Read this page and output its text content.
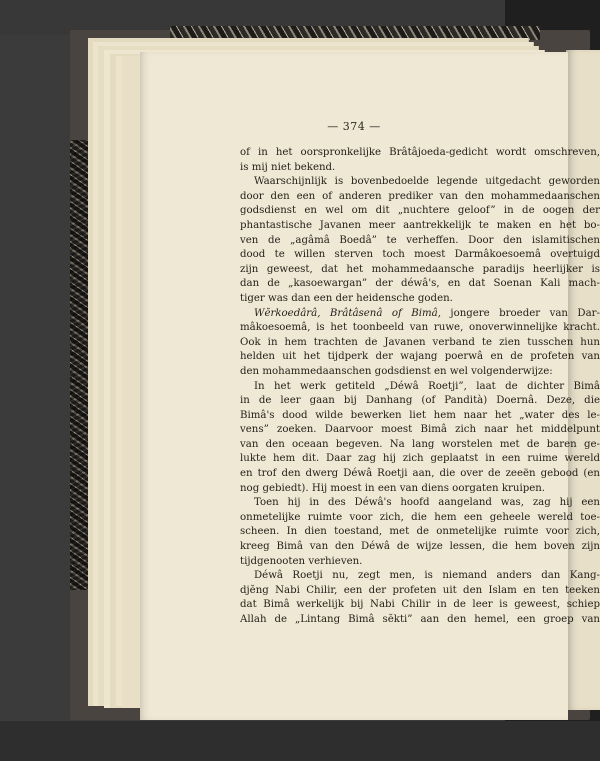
— 374 —
of in het oorspronkelijke Brâtâjoeda-gedicht wordt omschreven,
is mij niet bekend.
Waarschijnlijk is bovenbedoelde legende uitgedacht geworden
door den een of anderen prediker van den mohammedaanschen
godsdienst en wel om dit „nuchtere geloof” in de oogen der
phantastische Javanen meer aantrekkelijk te maken en het bo-
ven de „agâmâ Boedâ” te verheffen. Door den islamitischen
dood te willen sterven toch moest Darmâkoesoemâ overtuigd
zijn geweest, dat het mohammedaansche paradijs heerlijker is
dan de „kasoewargan” der déwâ's, en dat Soenan Kali mach-
tiger was dan een der heidensche goden.
Wĕrkoedârâ, Brâtâsenâ of Bimâ, jongere broeder van Dar-
mâkoesoemâ, is het toonbeeld van ruwe, onoverwinnelijke kracht.
Ook in hem trachten de Javanen verband te zien tusschen hun
helden uit het tijdperk der wajang poerwâ en de profeten van
den mohammedaanschen godsdienst en wel volgenderwijze:
In het werk getiteld „Déwâ Roetji”, laat de dichter Bimâ
in de leer gaan bij Danhang (of Pandità) Doernâ. Deze, die
Bimâ's dood wilde bewerken liet hem naar het „water des le-
vens” zoeken. Daarvoor moest Bimâ zich naar het middelpunt
van den oceaan begeven. Na lang worstelen met de baren ge-
lukte hem dit. Daar zag hij zich geplaatst in een ruime wereld
en trof den dwerg Déwâ Roetji aan, die over de zeeën gebood (en
nog gebiedt). Hij moest in een van diens oorgaten kruipen.
Toen hij in des Déwâ's hoofd aangeland was, zag hij een
onmetelijke ruimte voor zich, die hem een geheele wereld toe-
scheen. In dien toestand, met de onmetelijke ruimte voor zich,
kreeg Bimâ van den Déwâ de wijze lessen, die hem boven zijn
tijdgenooten verhieven.
Déwâ Roetji nu, zegt men, is niemand anders dan Kang-
djĕng Nabi Chilir, een der profeten uit den Islam en ten teeken
dat Bimâ werkelijk bij Nabi Chilir in de leer is geweest, schiep
Allah de „Lintang Bimâ sĕkti” aan den hemel, een groep van
